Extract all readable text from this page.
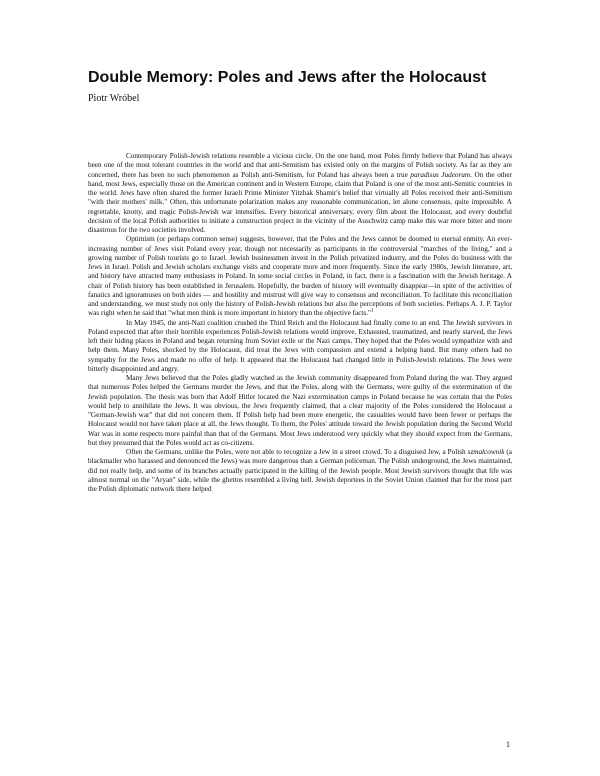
Double Memory: Poles and Jews after the Holocaust
Piotr Wróbel

Contemporary Polish-Jewish relations resemble a vicious circle. On the one hand, most Poles firmly believe that Poland has always been one of the most tolerant countries in the world and that anti-Semitism has existed only on the margins of Polish society. As far as they are concerned, there has been no such phenomenon as Polish anti-Semitism, for Poland has always been a true paradisus Judeorum. On the other hand, most Jews, especially those on the American continent and in Western Europe, claim that Poland is one of the most anti-Semitic countries in the world. Jews have often shared the former Israeli Prime Minister Yitzhak Shamir's belief that virtually all Poles received their anti-Semitism "with their mothers' milk." Often, this unfortunate polarization makes any reasonable communication, let alone consensus, quite impossible. A regrettable, knotty, and tragic Polish-Jewish war intensifies. Every historical anniversary, every film about the Holocaust, and every doubtful decision of the local Polish authorities to initiate a construction project in the vicinity of the Auschwitz camp make this war more bitter and more disastrous for the two societies involved.

Optimism (or perhaps common sense) suggests, however, that the Poles and the Jews cannot be doomed to eternal enmity. An ever-increasing number of Jews visit Poland every year, though not necessarily as participants in the controversial "marches of the living," and a growing number of Polish tourists go to Israel. Jewish businessmen invest in the Polish privatized industry, and the Poles do business with the Jews in Israel. Polish and Jewish scholars exchange visits and cooperate more and more frequently. Since the early 1980s, Jewish literature, art, and history have attracted many enthusiasts in Poland. In some social circles in Poland, in fact, there is a fascination with the Jewish heritage. A chair of Polish history has been established in Jerusalem. Hopefully, the burden of history will eventually disappear—in spite of the activities of fanatics and ignoramuses on both sides — and hostility and mistrust will give way to consensus and reconciliation. To facilitate this reconciliation and understanding, we must study not only the history of Polish-Jewish relations but also the perceptions of both societies. Perhaps A. J. P. Taylor was right when he said that "what men think is more important in history than the objective facts."$^1$

In May 1945, the anti-Nazi coalition crushed the Third Reich and the Holocaust had finally come to an end. The Jewish survivors in Poland expected that after their horrible experiences Polish-Jewish relations would improve. Exhausted, traumatized, and nearly starved, the Jews left their hiding places in Poland and began returning from Soviet exile or the Nazi camps. They hoped that the Poles would sympathize with and help them. Many Poles, shocked by the Holocaust, did treat the Jews with compassion and extend a helping hand. But many others had no sympathy for the Jews and made no offer of help. It appeared that the Holocaust had changed little in Polish-Jewish relations. The Jews were bitterly disappointed and angry.

Many Jews believed that the Poles gladly watched as the Jewish community disappeared from Poland during the war. They argued that numerous Poles helped the Germans murder the Jews, and that the Poles, along with the Germans, were guilty of the extermination of the Jewish population. The thesis was born that Adolf Hitler located the Nazi extermination camps in Poland because he was certain that the Poles would help to annihilate the Jews. It was obvious, the Jews frequently claimed, that a clear majority of the Poles considered the Holocaust a "German-Jewish war" that did not concern them. If Polish help had been more energetic, the casualties would have been fewer or perhaps the Holocaust would not have taken place at all, the Jews thought. To them, the Poles' attitude toward the Jewish population during the Second World War was in some respects more painful than that of the Germans. Most Jews understood very quickly what they should expect from the Germans, but they presumed that the Poles would act as co-citizens.

Often the Germans, unlike the Poles, were not able to recognize a Jew in a street crowd. To a disguised Jew, a Polish szmalcownik (a blackmailer who harassed and denounced the Jews) was more dangerous than a German policeman. The Polish underground, the Jews maintained, did not really help, and some of its branches actually participated in the killing of the Jewish people. Most Jewish survivors thought that life was almost normal on the "Aryan" side, while the ghettos resembled a living hell. Jewish deportees in the Soviet Union claimed that for the most part the Polish diplomatic network there helped

1
